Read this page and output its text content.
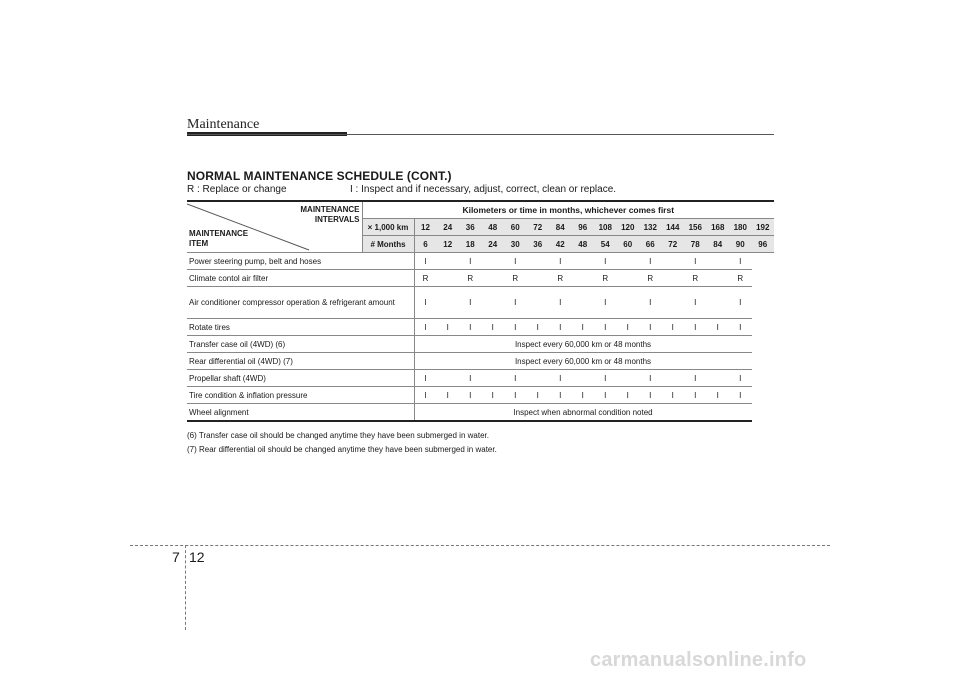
Maintenance
NORMAL MAINTENANCE SCHEDULE (CONT.)
R : Replace or change	I : Inspect and if necessary, adjust, correct, clean or replace.
MAINTENANCE
INTERVALS
MAINTENANCE
ITEM	Kilometers or time in months, whichever comes first																
	× 1,000 km	12	24	36	48	60	72	84	96	108	120	132	144	156	168	180	192
	# Months	6	12	18	24	30	36	42	48	54	60	66	72	78	84	90	96
Power steering pump, belt and hoses		I		I		I		I		I		I		I		I	
Climate contol air filter		R		R		R		R		R		R		R		R	
Air conditioner compressor operation & refrigerant amount		I		I		I		I		I		I		I		I	
Rotate tires		I	I	I	I	I	I	I	I	I	I	I	I	I	I	I	
Transfer case oil (4WD) (6)		Inspect every 60,000 km or 48 months															
Rear differential oil (4WD) (7)		Inspect every 60,000 km or 48 months															
Propellar shaft (4WD)		I		I		I		I		I		I		I		I	
Tire condition & inflation pressure		I	I	I	I	I	I	I	I	I	I	I	I	I	I	I	
Wheel alignment		Inspect when abnormal condition noted															
(6) Transfer case oil should be changed anytime they have been submerged in water.
(7) Rear differential oil should be changed anytime they have been submerged in water.
7 12
carmanualsonline.info
